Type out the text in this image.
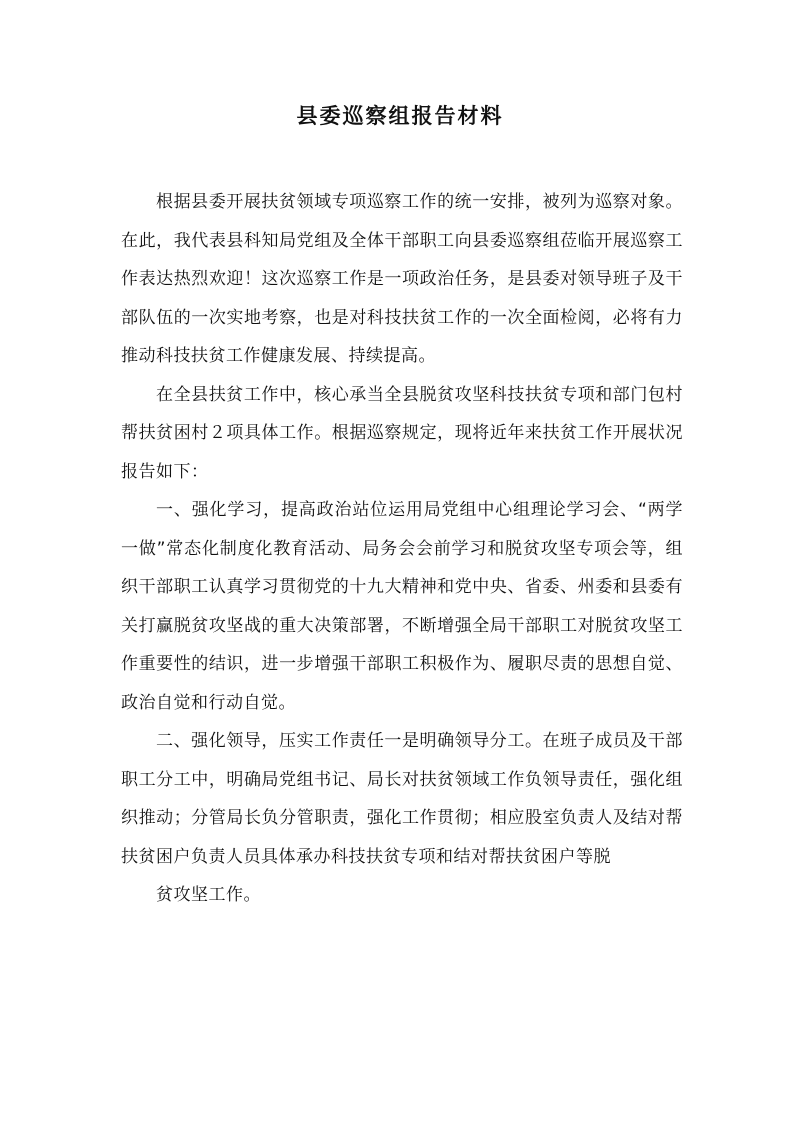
县委巡察组报告材料

根据县委开展扶贫领域专项巡察工作的统一安排，被列为巡察对象。在此，我代表县科知局党组及全体干部职工向县委巡察组莅临开展巡察工作表达热烈欢迎！这次巡察工作是一项政治任务，是县委对领导班子及干部队伍的一次实地考察，也是对科技扶贫工作的一次全面检阅，必将有力推动科技扶贫工作健康发展、持续提高。

在全县扶贫工作中，核心承当全县脱贫攻坚科技扶贫专项和部门包村帮扶贫困村２项具体工作。根据巡察规定，现将近年来扶贫工作开展状况报告如下：

一、强化学习，提高政治站位运用局党组中心组理论学习会、“两学一做”常态化制度化教育活动、局务会会前学习和脱贫攻坚专项会等，组织干部职工认真学习贯彻党的十九大精神和党中央、省委、州委和县委有关打赢脱贫攻坚战的重大决策部署，不断增强全局干部职工对脱贫攻坚工作重要性的结识，进一步增强干部职工积极作为、履职尽责的思想自觉、政治自觉和行动自觉。

二、强化领导，压实工作责任一是明确领导分工。在班子成员及干部职工分工中，明确局党组书记、局长对扶贫领域工作负领导责任，强化组织推动；分管局长负分管职责，强化工作贯彻；相应股室负责人及结对帮扶贫困户负责人员具体承办科技扶贫专项和结对帮扶贫困户等脱

贫攻坚工作。
